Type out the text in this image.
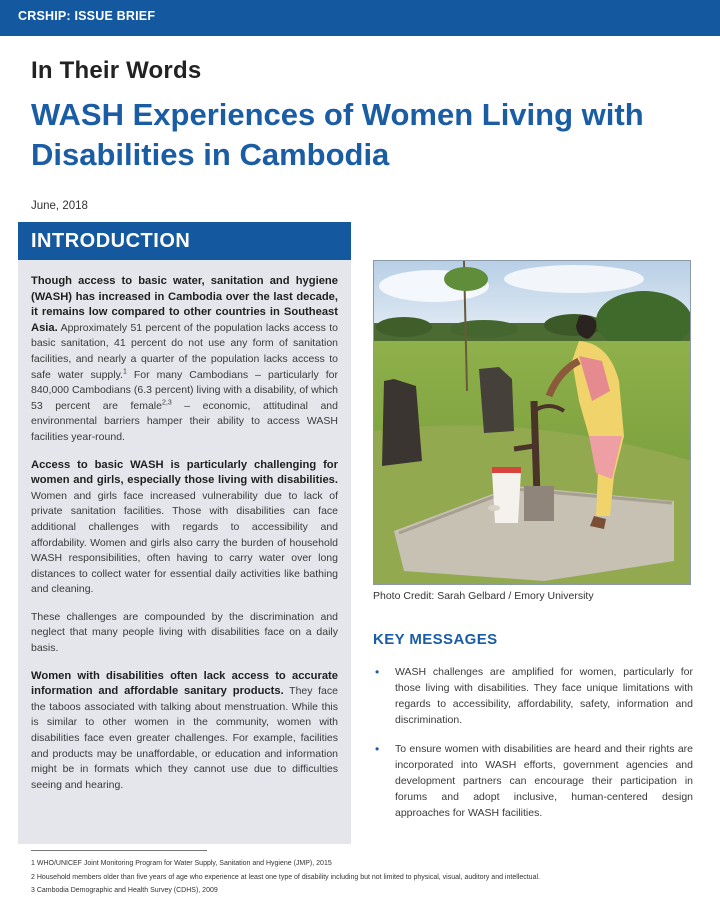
CRSHIP: ISSUE BRIEF
In Their Words
WASH Experiences of Women Living with Disabilities in Cambodia
June, 2018
INTRODUCTION

Though access to basic water, sanitation and hygiene (WASH) has increased in Cambodia over the last decade, it remains low compared to other countries in Southeast Asia. Approximately 51 percent of the population lacks access to basic sanitation, 41 percent do not use any form of sanitation facilities, and nearly a quarter of the population lacks access to safe water supply.$^1$ For many Cambodians – particularly for 840,000 Cambodians (6.3 percent) living with a disability, of which 53 percent are female$^{2,3}$ – economic, attitudinal and environmental barriers hamper their ability to access WASH facilities year-round.

Access to basic WASH is particularly challenging for women and girls, especially those living with disabilities. Women and girls face increased vulnerability due to lack of private sanitation facilities. Those with disabilities can face additional challenges with regards to accessibility and affordability. Women and girls also carry the burden of household WASH responsibilities, often having to carry water over long distances to collect water for essential daily activities like bathing and cleaning.

These challenges are compounded by the discrimination and neglect that many people living with disabilities face on a daily basis.

Women with disabilities often lack access to accurate information and affordable sanitary products. They face the taboos associated with talking about menstruation. While this is similar to other women in the community, women with disabilities face even greater challenges. For example, facilities and products may be unaffordable, or education and information might be in formats which they cannot use due to difficulties seeing and hearing.

Photo Credit: Sarah Gelbard / Emory University
KEY MESSAGES
• WASH challenges are amplified for women, particularly for those living with disabilities. They face unique limitations with regards to accessibility, affordability, safety, information and discrimination.
• To ensure women with disabilities are heard and their rights are incorporated into WASH efforts, government agencies and development partners can encourage their participation in forums and adopt inclusive, human-centered design approaches for WASH facilities.
1 WHO/UNICEF Joint Monitoring Program for Water Supply, Sanitation and Hygiene (JMP), 2015
2 Household members older than five years of age who experience at least one type of disability including but not limited to physical, visual, auditory and intellectual.
3 Cambodia Demographic and Health Survey (CDHS), 2009
